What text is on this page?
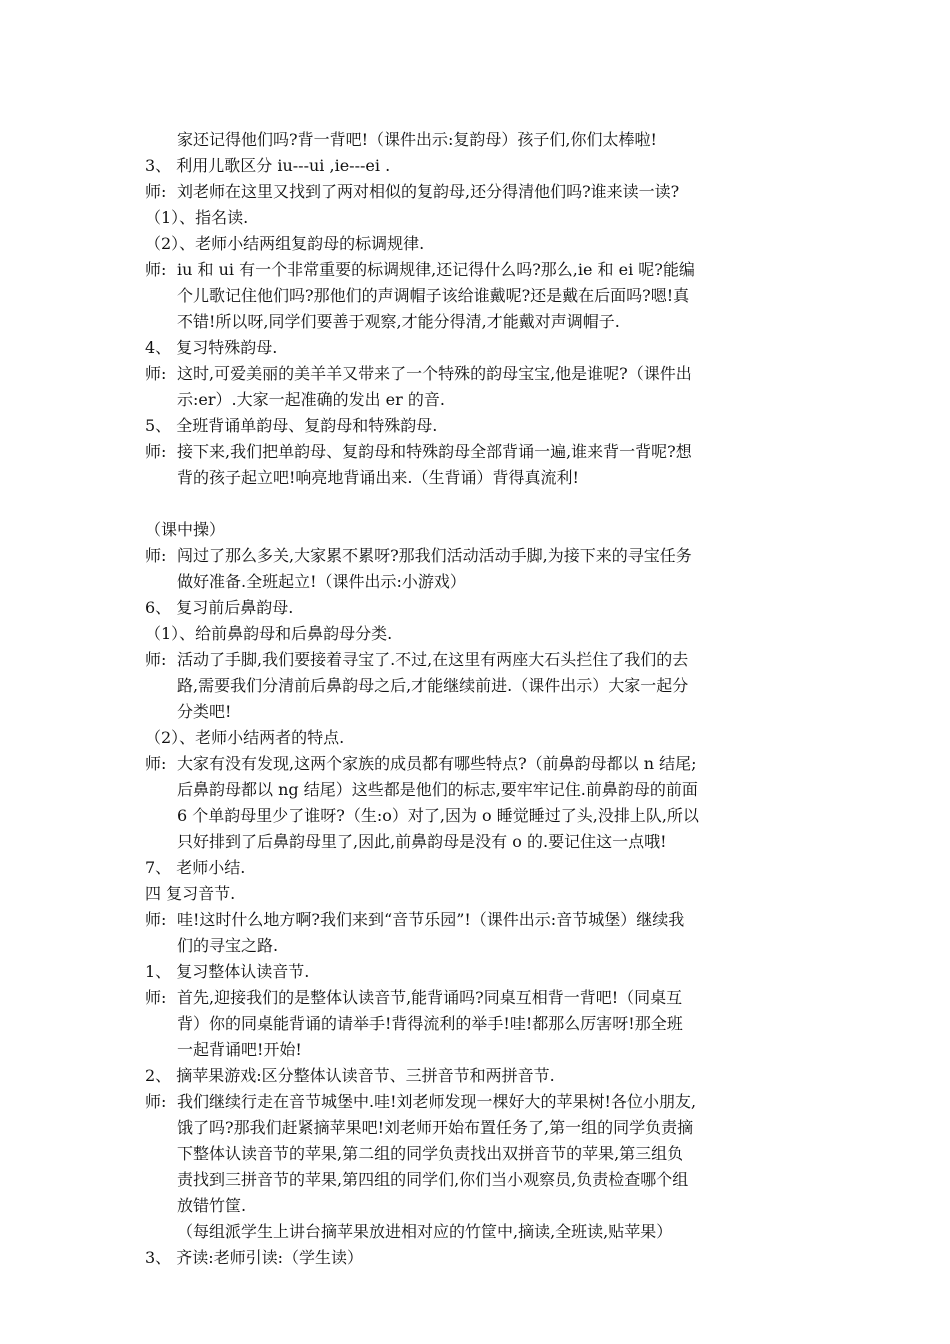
家还记得他们吗?背一背吧!（课件出示:复韵母）孩子们,你们太棒啦!
3、 利用儿歌区分 iu---ui ,ie---ei .
师: 刘老师在这里又找到了两对相似的复韵母,还分得清他们吗?谁来读一读?
（1）、指名读.
（2）、老师小结两组复韵母的标调规律.
师: iu 和 ui 有一个非常重要的标调规律,还记得什么吗?那么,ie 和 ei 呢?能编
个儿歌记住他们吗?那他们的声调帽子该给谁戴呢?还是戴在后面吗?嗯!真
不错!所以呀,同学们要善于观察,才能分得清,才能戴对声调帽子.
4、 复习特殊韵母.
师: 这时,可爱美丽的美羊羊又带来了一个特殊的韵母宝宝,他是谁呢?（课件出
示:er）.大家一起准确的发出 er 的音.
5、 全班背诵单韵母、复韵母和特殊韵母.
师: 接下来,我们把单韵母、复韵母和特殊韵母全部背诵一遍,谁来背一背呢?想
背的孩子起立吧!响亮地背诵出来.（生背诵）背得真流利!
（课中操）
师: 闯过了那么多关,大家累不累呀?那我们活动活动手脚,为接下来的寻宝任务
做好准备.全班起立!（课件出示:小游戏）
6、 复习前后鼻韵母.
（1）、给前鼻韵母和后鼻韵母分类.
师: 活动了手脚,我们要接着寻宝了.不过,在这里有两座大石头拦住了我们的去
路,需要我们分清前后鼻韵母之后,才能继续前进.（课件出示）大家一起分
分类吧!
（2）、老师小结两者的特点.
师: 大家有没有发现,这两个家族的成员都有哪些特点?（前鼻韵母都以 n 结尾;
后鼻韵母都以 ng 结尾）这些都是他们的标志,要牢牢记住.前鼻韵母的前面
6 个单韵母里少了谁呀?（生:o）对了,因为 o 睡觉睡过了头,没排上队,所以
只好排到了后鼻韵母里了,因此,前鼻韵母是没有 o 的.要记住这一点哦!
7、 老师小结.
四 复习音节.
师: 哇!这时什么地方啊?我们来到“音节乐园”!（课件出示:音节城堡）继续我
们的寻宝之路.
1、 复习整体认读音节.
师: 首先,迎接我们的是整体认读音节,能背诵吗?同桌互相背一背吧!（同桌互
背）你的同桌能背诵的请举手!背得流利的举手!哇!都那么厉害呀!那全班
一起背诵吧!开始!
2、 摘苹果游戏:区分整体认读音节、三拼音节和两拼音节.
师: 我们继续行走在音节城堡中.哇!刘老师发现一棵好大的苹果树!各位小朋友,
饿了吗?那我们赶紧摘苹果吧!刘老师开始布置任务了,第一组的同学负责摘
下整体认读音节的苹果,第二组的同学负责找出双拼音节的苹果,第三组负
责找到三拼音节的苹果,第四组的同学们,你们当小观察员,负责检查哪个组
放错竹筐.
（每组派学生上讲台摘苹果放进相对应的竹筐中,摘读,全班读,贴苹果）
3、 齐读:老师引读:（学生读）
